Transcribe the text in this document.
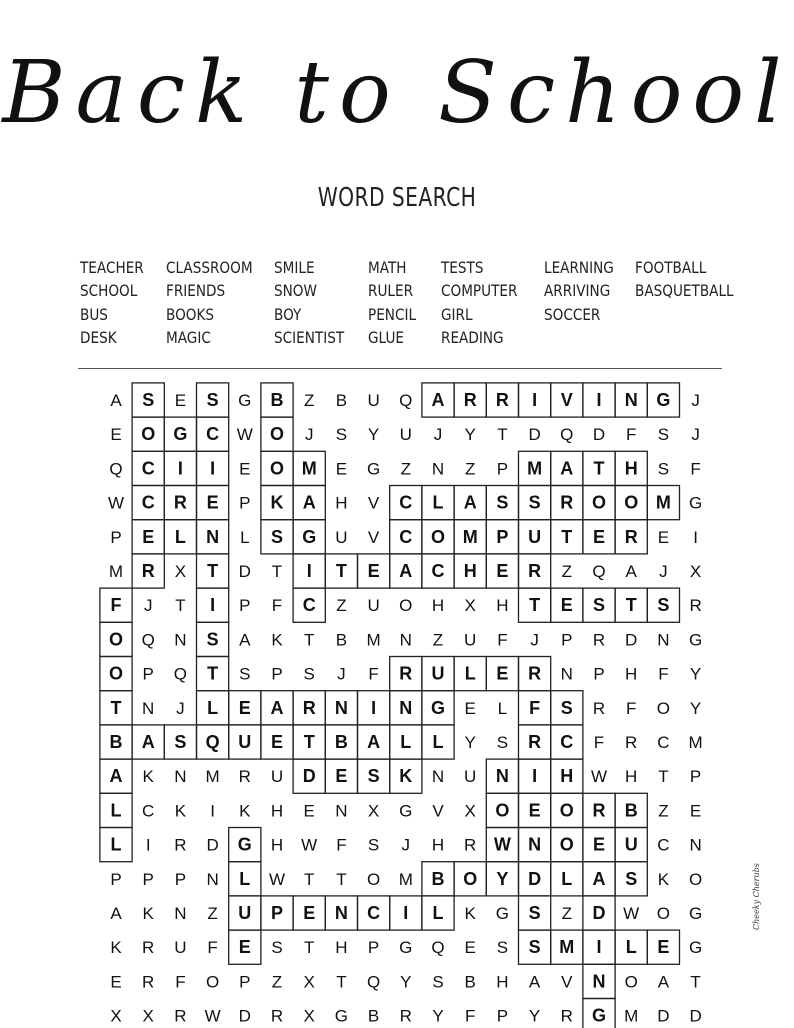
Back to School
WORD SEARCH
TEACHER
SCHOOL
BUS
DESK
CLASSROOM
FRIENDS
BOOKS
MAGIC
SMILE
SNOW
BOY
SCIENTIST
MATH
RULER
PENCIL
GLUE
TESTS
COMPUTER
GIRL
READING
LEARNING
ARRIVING
SOCCER
FOOTBALL
BASQUETBALL
A S E S G B Z B U Q A R R I V I N G J
E O G C W O J S Y U J Y T D Q D F S J
Q C I I E O M E G Z N Z P M A T H S F
W C R E P K A H V C L A S S R O O M G
P E L N L S G U V C O M P U T E R E I
M R X T D T I T E A C H E R Z Q A J X
F J T I P F C Z U O H X H T E S T S R
O Q N S A K T B M N Z U F J P R D N G
O P Q T S P S J F R U L E R N P H F Y
T N J L E A R N I N G E L F S R F O Y
B A S Q U E T B A L L Y S R C F R C M
A K N M R U D E S K N U N I H W H T P
L C K I K H E N X G V X O E O R B Z E
L I R D G H W F S J H R W N O E U C N
P P P N L W T T O M B O Y D L A S K O
A K N Z U P E N C I L K G S Z D W O G
K R U F E S T H P G Q E S S M I L E G
E R F O P Z X T Q Y S B H A V N O A T
X X R W D R X G B R Y F P Y R G M D D
Cheeky Cherubs
